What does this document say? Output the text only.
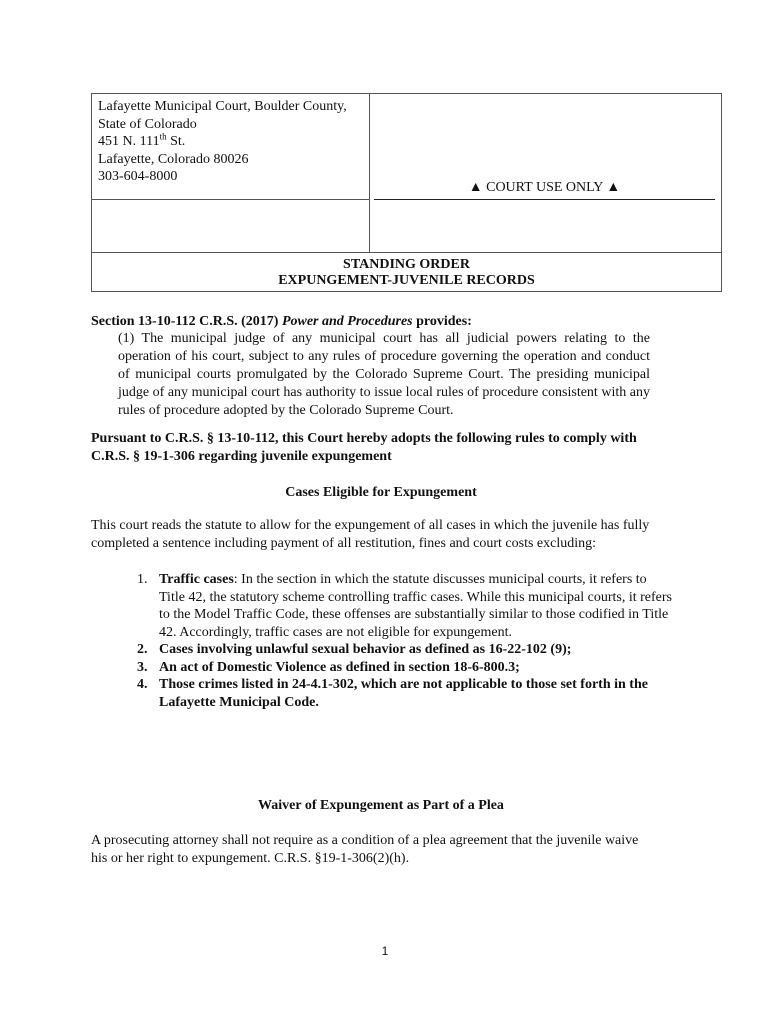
Lafayette Municipal Court, Boulder County,
State of Colorado
451 N. 111th St.
Lafayette, Colorado 80026
303-604-8000
▲ COURT USE ONLY ▲
STANDING ORDER
EXPUNGEMENT-JUVENILE RECORDS
Section 13-10-112 C.R.S. (2017) Power and Procedures provides:
(1) The municipal judge of any municipal court has all judicial powers relating to the operation of his court, subject to any rules of procedure governing the operation and conduct of municipal courts promulgated by the Colorado Supreme Court. The presiding municipal judge of any municipal court has authority to issue local rules of procedure consistent with any rules of procedure adopted by the Colorado Supreme Court.
Pursuant to C.R.S. § 13-10-112, this Court hereby adopts the following rules to comply with C.R.S. § 19-1-306 regarding juvenile expungement
Cases Eligible for Expungement
This court reads the statute to allow for the expungement of all cases in which the juvenile has fully completed a sentence including payment of all restitution, fines and court costs excluding:
1. Traffic cases: In the section in which the statute discusses municipal courts, it refers to Title 42, the statutory scheme controlling traffic cases. While this municipal courts, it refers to the Model Traffic Code, these offenses are substantially similar to those codified in Title 42. Accordingly, traffic cases are not eligible for expungement.
2. Cases involving unlawful sexual behavior as defined as 16-22-102 (9);
3. An act of Domestic Violence as defined in section 18-6-800.3;
4. Those crimes listed in 24-4.1-302, which are not applicable to those set forth in the Lafayette Municipal Code.
Waiver of Expungement as Part of a Plea
A prosecuting attorney shall not require as a condition of a plea agreement that the juvenile waive his or her right to expungement. C.R.S. §19-1-306(2)(h).
1
